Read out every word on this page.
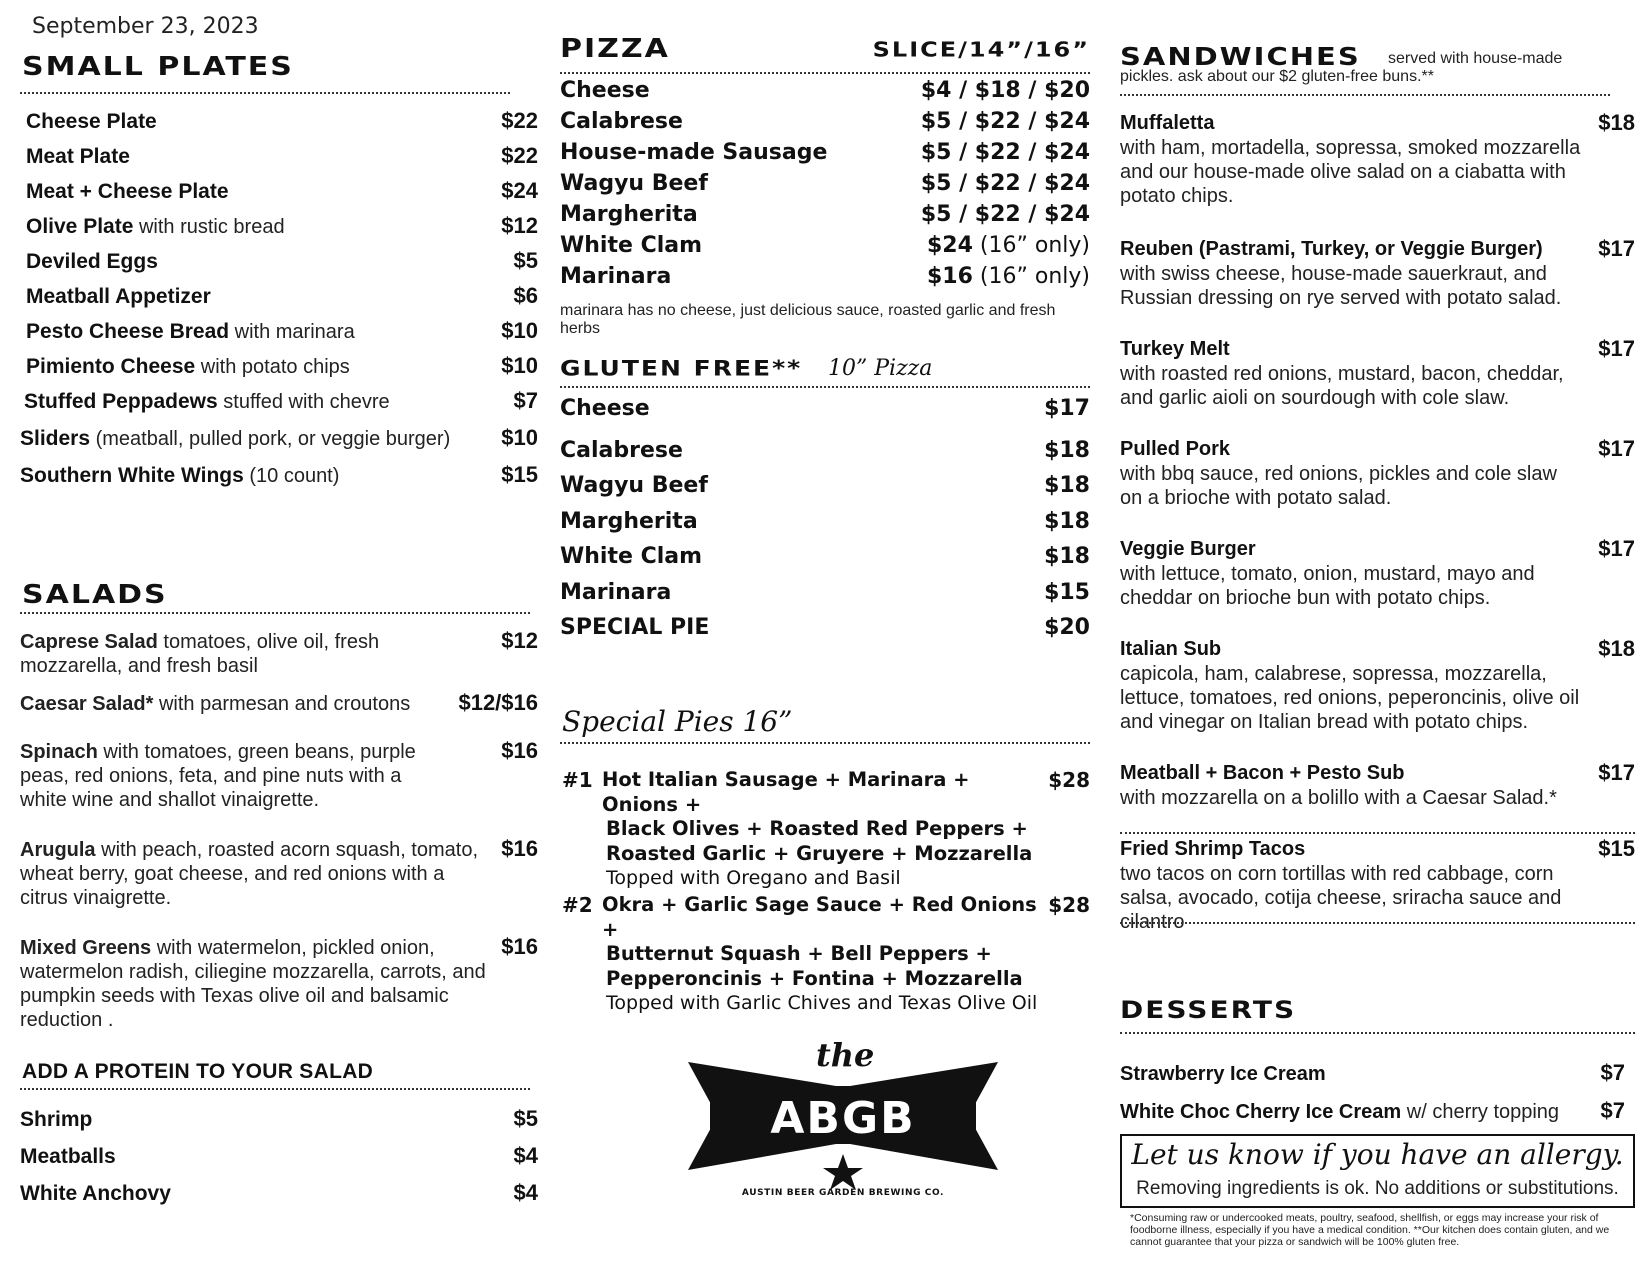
September 23, 2023
SMALL PLATES
Cheese Plate	$22
Meat Plate	$22
Meat + Cheese Plate	$24
Olive Plate with rustic bread	$12
Deviled Eggs	$5
Meatball Appetizer	$6
Pesto Cheese Bread with marinara	$10
Pimiento Cheese with potato chips	$10
Stuffed Peppadews stuffed with chevre	$7
Sliders (meatball, pulled pork, or veggie burger) $10
Southern White Wings (10 count)	$15
SALADS
Caprese Salad tomatoes, olive oil, fresh mozzarella, and fresh basil
$12
Caesar Salad* with parmesan and croutons	$12/$16
Spinach with tomatoes, green beans, purple peas, red onions, feta, and pine nuts with a white wine and shallot vinaigrette.
$16
Arugula with peach, roasted acorn squash, tomato, wheat berry, goat cheese, and red onions with a citrus vinaigrette.
$16
Mixed Greens with watermelon, pickled onion, watermelon radish, ciliegine mozzarella, carrots, and pumpkin seeds with Texas olive oil and balsamic reduction .
$16
ADD A PROTEIN TO YOUR SALAD
Shrimp	$5
Meatballs	$4
White Anchovy	$4
PIZZA	SLICE/14”/16”
Cheese	$4 / $18 / $20
Calabrese	$5 / $22 / $24
House-made Sausage	$5 / $22 / $24
Wagyu Beef	$5 / $22 / $24
Margherita	$5 / $22 / $24
White Clam	$24 (16” only)
Marinara	$16 (16” only)
marinara has no cheese, just delicious sauce, roasted garlic and fresh herbs
GLUTEN FREE** 10” Pizza
Cheese	$17
Calabrese	$18
Wagyu Beef	$18
Margherita	$18
White Clam	$18
Marinara	$15
SPECIAL PIE	$20
Special Pies 16”
#1 Hot Italian Sausage + Marinara + Onions +
Black Olives + Roasted Red Peppers +
Roasted Garlic + Gruyere + Mozzarella
Topped with Oregano and Basil
$28
#2 Okra + Garlic Sage Sauce + Red Onions +
Butternut Squash + Bell Peppers +
Pepperoncinis + Fontina + Mozzarella
Topped with Garlic Chives and Texas Olive Oil
$28
the
ABGB
AUSTIN BEER GARDEN BREWING CO.
SANDWICHES served with house-made
pickles. ask about our $2 gluten-free buns.**
Muffaletta
with ham, mortadella, sopressa, smoked mozzarella and our house-made olive salad on a ciabatta with potato chips.
$18
Reuben (Pastrami, Turkey, or Veggie Burger)
with swiss cheese, house-made sauerkraut, and Russian dressing on rye served with potato salad.
$17
Turkey Melt
with roasted red onions, mustard, bacon, cheddar, and garlic aioli on sourdough with cole slaw.
$17
Pulled Pork
with bbq sauce, red onions, pickles and cole slaw on a brioche with potato salad.
$17
Veggie Burger
with lettuce, tomato, onion, mustard, mayo and cheddar on brioche bun with potato chips.
$17
Italian Sub
capicola, ham, calabrese, sopressa, mozzarella, lettuce, tomatoes, red onions, peperoncinis, olive oil and vinegar on Italian bread with potato chips.
$18
Meatball + Bacon + Pesto Sub
with mozzarella on a bolillo with a Caesar Salad.*
$17
Fried Shrimp Tacos
two tacos on corn tortillas with red cabbage, corn salsa, avocado, cotija cheese, sriracha sauce and cilantro
$15
DESSERTS
Strawberry Ice Cream	$7
White Choc Cherry Ice Cream w/ cherry topping $7
Let us know if you have an allergy.
Removing ingredients is ok. No additions or substitutions.
*Consuming raw or undercooked meats, poultry, seafood, shellfish, or eggs may increase your risk of foodborne illness, especially if you have a medical condition. **Our kitchen does contain gluten, and we cannot guarantee that your pizza or sandwich will be 100% gluten free.
